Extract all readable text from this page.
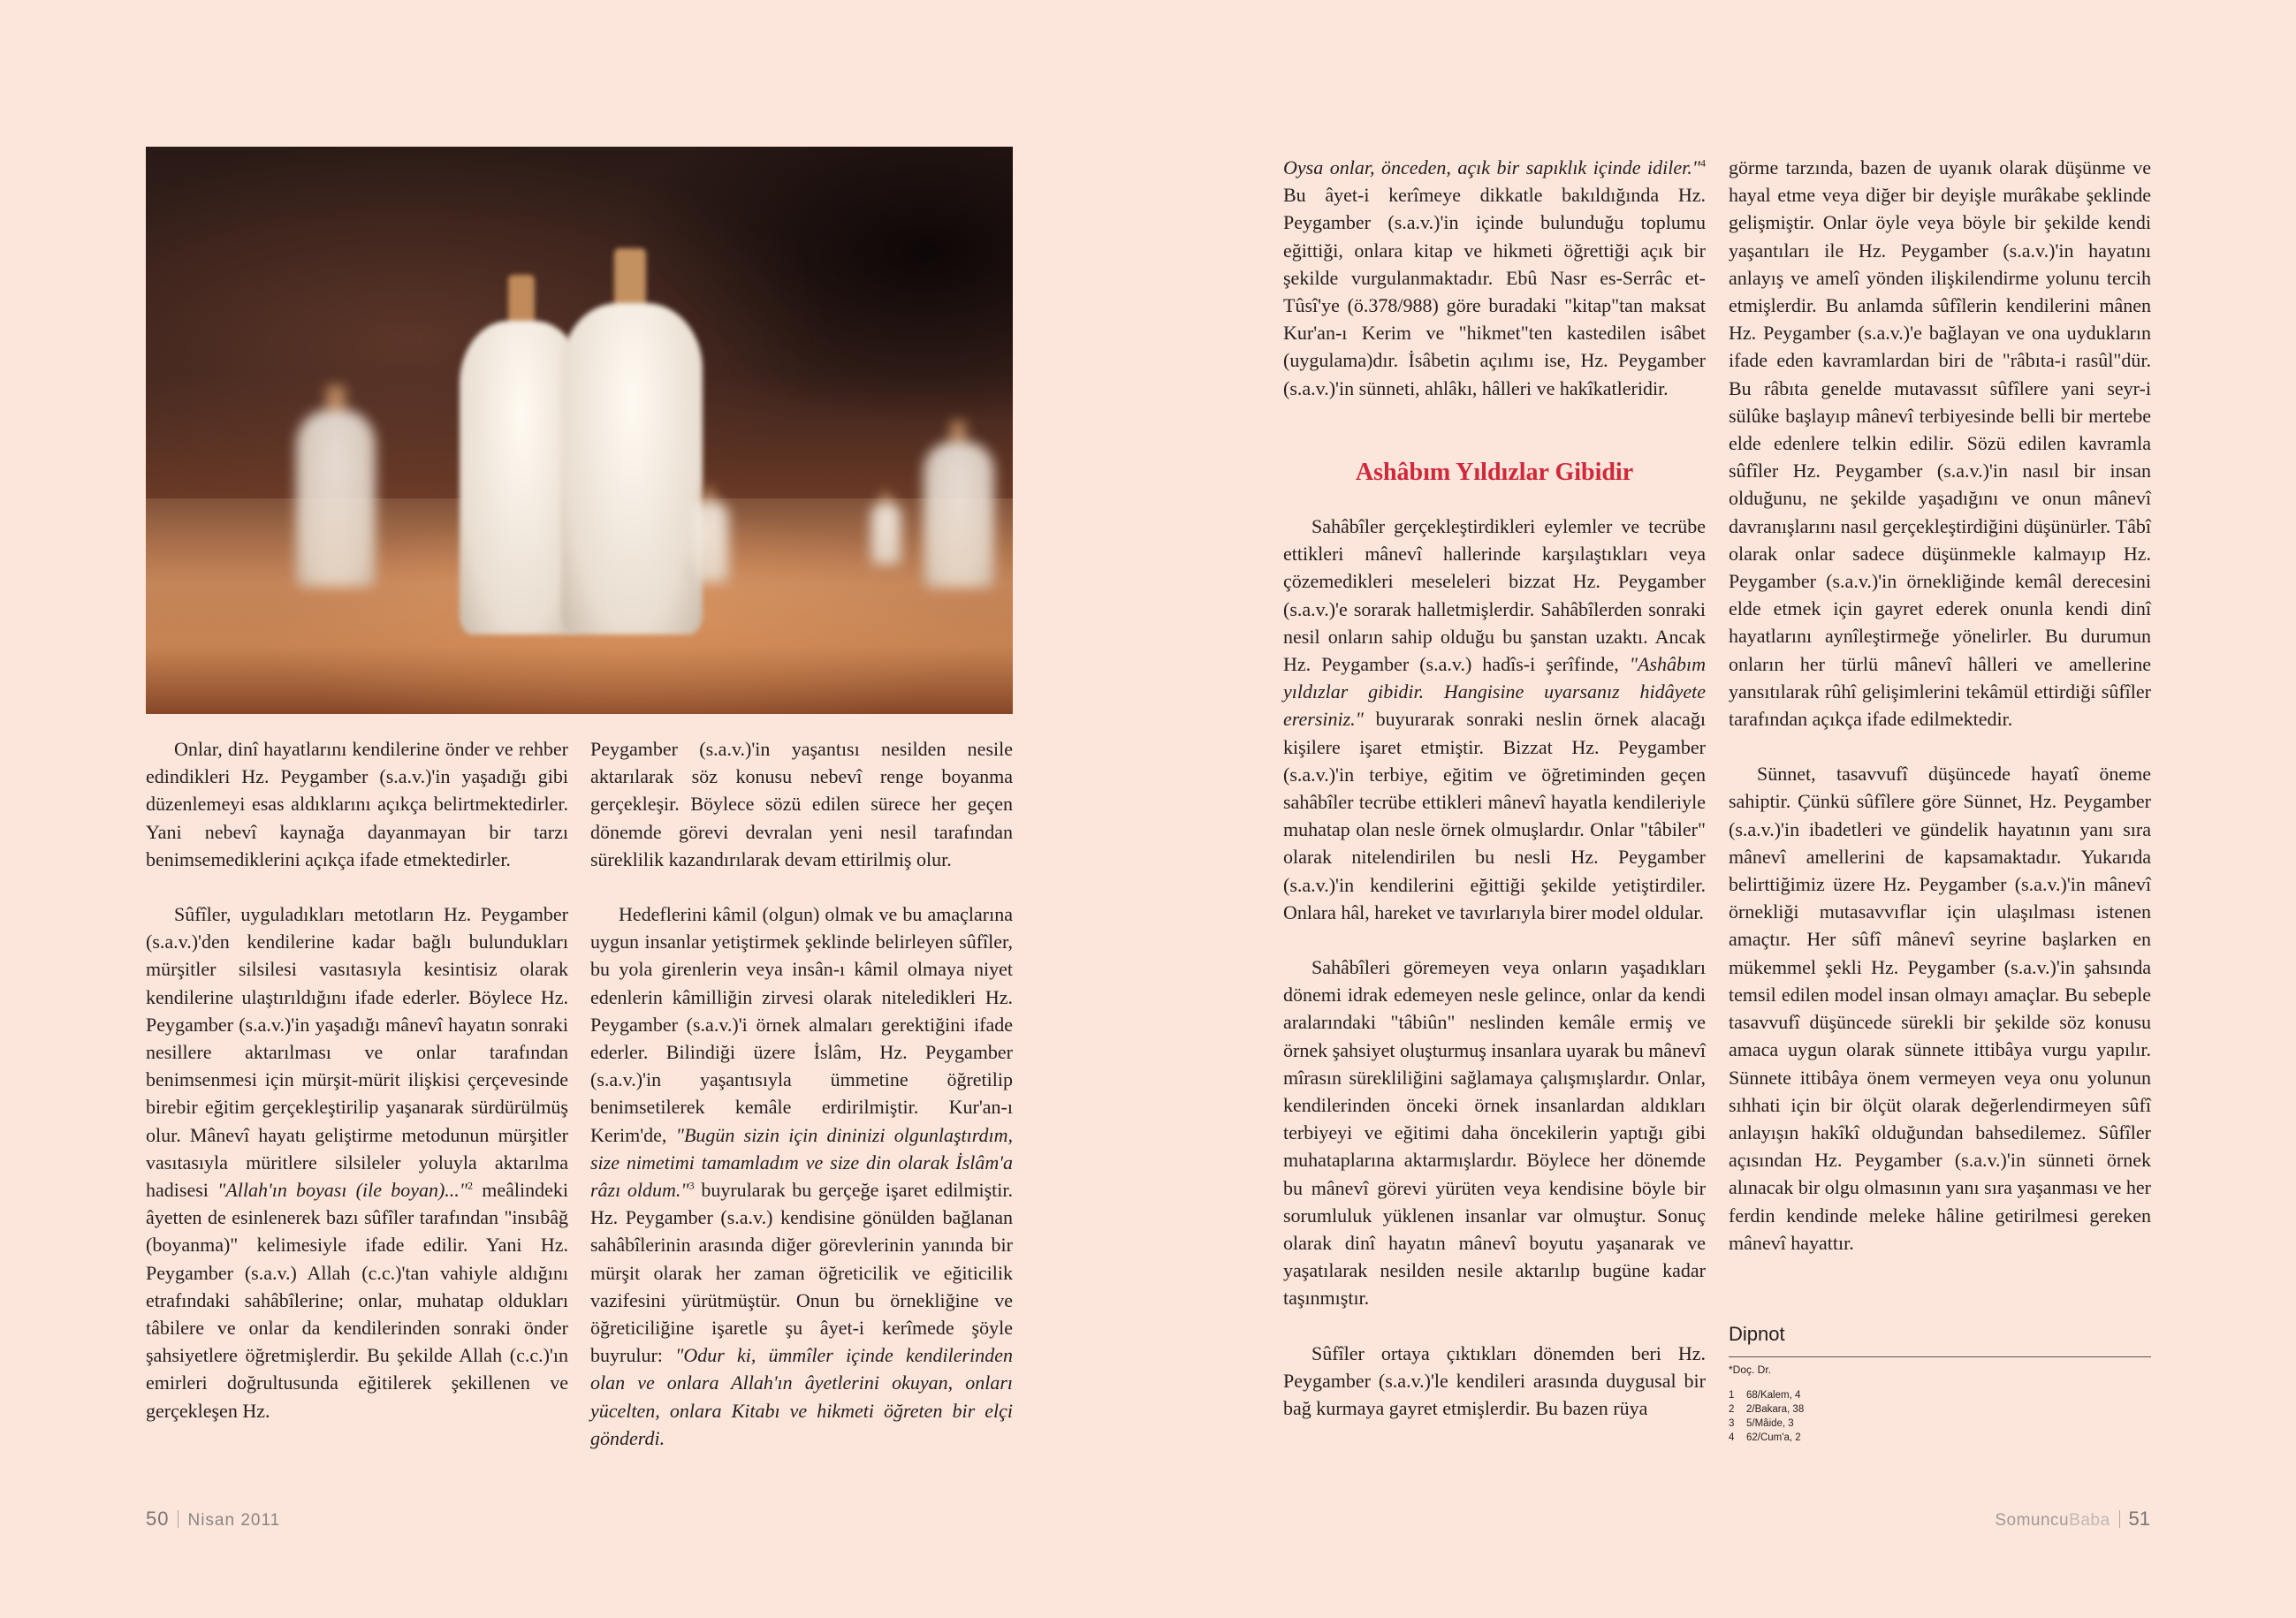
Onlar, dinî hayatlarını kendilerine önder ve rehber edindikleri Hz. Peygamber (s.a.v.)'in yaşadığı gibi düzenlemeyi esas aldıklarını açıkça belirtmektedirler. Yani nebevî kaynağa dayanmayan bir tarzı benimsemediklerini açıkça ifade etmektedirler.

Sûfîler, uyguladıkları metotların Hz. Peygamber (s.a.v.)'den kendilerine kadar bağlı bulundukları mürşitler silsilesi vasıtasıyla kesintisiz olarak kendilerine ulaştırıldığını ifade ederler. Böylece Hz. Peygamber (s.a.v.)'in yaşadığı mânevî hayatın sonraki nesillere aktarılması ve onlar tarafından benimsenmesi için mürşit-mürit ilişkisi çerçevesinde birebir eğitim gerçekleştirilip yaşanarak sürdürülmüş olur. Mânevî hayatı geliştirme metodunun mürşitler vasıtasıyla müritlere silsileler yoluyla aktarılma hadisesi "Allah'ın boyası (ile boyan)..."$^2$ meâlindeki âyetten de esinlenerek bazı sûfîler tarafından "insıbâğ (boyanma)" kelimesiyle ifade edilir. Yani Hz. Peygamber (s.a.v.) Allah (c.c.)'tan vahiyle aldığını etrafındaki sahâbîlerine; onlar, muhatap oldukları tâbilere ve onlar da kendilerinden sonraki önder şahsiyetlere öğretmişlerdir. Bu şekilde Allah (c.c.)'ın emirleri doğrultusunda eğitilerek şekillenen ve gerçekleşen Hz.

Peygamber (s.a.v.)'in yaşantısı nesilden nesile aktarılarak söz konusu nebevî renge boyanma gerçekleşir. Böylece sözü edilen sürece her geçen dönemde görevi devralan yeni nesil tarafından süreklilik kazandırılarak devam ettirilmiş olur.

Hedeflerini kâmil (olgun) olmak ve bu amaçlarına uygun insanlar yetiştirmek şeklinde belirleyen sûfîler, bu yola girenlerin veya insân-ı kâmil olmaya niyet edenlerin kâmilliğin zirvesi olarak niteledikleri Hz. Peygamber (s.a.v.)'i örnek almaları gerektiğini ifade ederler. Bilindiği üzere İslâm, Hz. Peygamber (s.a.v.)'in yaşantısıyla ümmetine öğretilip benimsetilerek kemâle erdirilmiştir. Kur'an-ı Kerim'de, "Bugün sizin için dininizi olgunlaştırdım, size nimetimi tamamladım ve size din olarak İslâm'a râzı oldum."$^3$ buyrularak bu gerçeğe işaret edilmiştir. Hz. Peygamber (s.a.v.) kendisine gönülden bağlanan sahâbîlerinin arasında diğer görevlerinin yanında bir mürşit olarak her zaman öğreticilik ve eğiticilik vazifesini yürütmüştür. Onun bu örnekliğine ve öğreticiliğine işaretle şu âyet-i kerîmede şöyle buyrulur: "Odur ki, ümmîler içinde kendilerinden olan ve onlara Allah'ın âyetlerini okuyan, onları yücelten, onlara Kitabı ve hikmeti öğreten bir elçi gönderdi.

Oysa onlar, önceden, açık bir sapıklık içinde idiler."$^4$ Bu âyet-i kerîmeye dikkatle bakıldığında Hz. Peygamber (s.a.v.)'in içinde bulunduğu toplumu eğittiği, onlara kitap ve hikmeti öğrettiği açık bir şekilde vurgulanmaktadır. Ebû Nasr es-Serrâc et-Tûsî'ye (ö.378/988) göre buradaki "kitap"tan maksat Kur'an-ı Kerim ve "hikmet"ten kastedilen isâbet (uygulama)dır. İsâbetin açılımı ise, Hz. Peygamber (s.a.v.)'in sünneti, ahlâkı, hâlleri ve hakîkatleridir.

Ashâbım Yıldızlar Gibidir

Sahâbîler gerçekleştirdikleri eylemler ve tecrübe ettikleri mânevî hallerinde karşılaştıkları veya çözemedikleri meseleleri bizzat Hz. Peygamber (s.a.v.)'e sorarak halletmişlerdir. Sahâbîlerden sonraki nesil onların sahip olduğu bu şanstan uzaktı. Ancak Hz. Peygamber (s.a.v.) hadîs-i şerîfinde, "Ashâbım yıldızlar gibidir. Hangisine uyarsanız hidâyete erersiniz." buyurarak sonraki neslin örnek alacağı kişilere işaret etmiştir. Bizzat Hz. Peygamber (s.a.v.)'in terbiye, eğitim ve öğretiminden geçen sahâbîler tecrübe ettikleri mânevî hayatla kendileriyle muhatap olan nesle örnek olmuşlardır. Onlar "tâbiler" olarak nitelendirilen bu nesli Hz. Peygamber (s.a.v.)'in kendilerini eğittiği şekilde yetiştirdiler. Onlara hâl, hareket ve tavırlarıyla birer model oldular.

Sahâbîleri göremeyen veya onların yaşadıkları dönemi idrak edemeyen nesle gelince, onlar da kendi aralarındaki "tâbiûn" neslinden kemâle ermiş ve örnek şahsiyet oluşturmuş insanlara uyarak bu mânevî mîrasın sürekliliğini sağlamaya çalışmışlardır. Onlar, kendilerinden önceki örnek insanlardan aldıkları terbiyeyi ve eğitimi daha öncekilerin yaptığı gibi muhataplarına aktarmışlardır. Böylece her dönemde bu mânevî görevi yürüten veya kendisine böyle bir sorumluluk yüklenen insanlar var olmuştur. Sonuç olarak dinî hayatın mânevî boyutu yaşanarak ve yaşatılarak nesilden nesile aktarılıp bugüne kadar taşınmıştır.

Sûfîler ortaya çıktıkları dönemden beri Hz. Peygamber (s.a.v.)'le kendileri arasında duygusal bir bağ kurmaya gayret etmişlerdir. Bu bazen rüya

görme tarzında, bazen de uyanık olarak düşünme ve hayal etme veya diğer bir deyişle murâkabe şeklinde gelişmiştir. Onlar öyle veya böyle bir şekilde kendi yaşantıları ile Hz. Peygamber (s.a.v.)'in hayatını anlayış ve amelî yönden ilişkilendirme yolunu tercih etmişlerdir. Bu anlamda sûfîlerin kendilerini mânen Hz. Peygamber (s.a.v.)'e bağlayan ve ona uydukların ifade eden kavramlardan biri de "râbıta-i rasûl"dür. Bu râbıta genelde mutavassıt sûfîlere yani seyr-i sülûke başlayıp mânevî terbiyesinde belli bir mertebe elde edenlere telkin edilir. Sözü edilen kavramla sûfîler Hz. Peygamber (s.a.v.)'in nasıl bir insan olduğunu, ne şekilde yaşadığını ve onun mânevî davranışlarını nasıl gerçekleştirdiğini düşünürler. Tâbî olarak onlar sadece düşünmekle kalmayıp Hz. Peygamber (s.a.v.)'in örnekliğinde kemâl derecesini elde etmek için gayret ederek onunla kendi dinî hayatlarını aynîleştirmeğe yönelirler. Bu durumun onların her türlü mânevî hâlleri ve amellerine yansıtılarak rûhî gelişimlerini tekâmül ettirdiği sûfîler tarafından açıkça ifade edilmektedir.

Sünnet, tasavvufî düşüncede hayatî öneme sahiptir. Çünkü sûfîlere göre Sünnet, Hz. Peygamber (s.a.v.)'in ibadetleri ve gündelik hayatının yanı sıra mânevî amellerini de kapsamaktadır. Yukarıda belirttiğimiz üzere Hz. Peygamber (s.a.v.)'in mânevî örnekliği mutasavvıflar için ulaşılması istenen amaçtır. Her sûfî mânevî seyrine başlarken en mükemmel şekli Hz. Peygamber (s.a.v.)'in şahsında temsil edilen model insan olmayı amaçlar. Bu sebeple tasavvufî düşüncede sürekli bir şekilde söz konusu amaca uygun olarak sünnete ittibâya vurgu yapılır. Sünnete ittibâya önem vermeyen veya onu yolunun sıhhati için bir ölçüt olarak değerlendirmeyen sûfî anlayışın hakîkî olduğundan bahsedilemez. Sûfîler açısından Hz. Peygamber (s.a.v.)'in sünneti örnek alınacak bir olgu olmasının yanı sıra yaşanması ve her ferdin kendinde meleke hâline getirilmesi gereken mânevî hayattır.

Dipnot
*Doç. Dr.
1 68/Kalem, 4
2 2/Bakara, 38
3 5/Mâide, 3
4 62/Cum'a, 2
50 Nisan 2011	SomuncuBaba 51
